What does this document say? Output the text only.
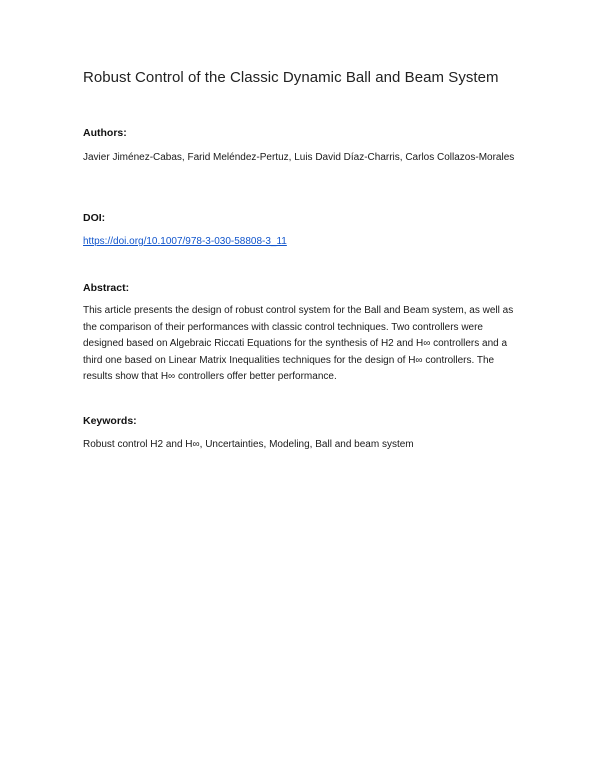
Robust Control of the Classic Dynamic Ball and Beam System
Authors:
Javier Jiménez-Cabas, Farid Meléndez-Pertuz, Luis David Díaz-Charris, Carlos Collazos-Morales
DOI:
https://doi.org/10.1007/978-3-030-58808-3_11
Abstract:
This article presents the design of robust control system for the Ball and Beam system, as well as the comparison of their performances with classic control techniques. Two controllers were designed based on Algebraic Riccati Equations for the synthesis of H2 and H∞ controllers and a third one based on Linear Matrix Inequalities techniques for the design of H∞ controllers. The results show that H∞ controllers offer better performance.
Keywords:
Robust control H2 and H∞, Uncertainties, Modeling, Ball and beam system
